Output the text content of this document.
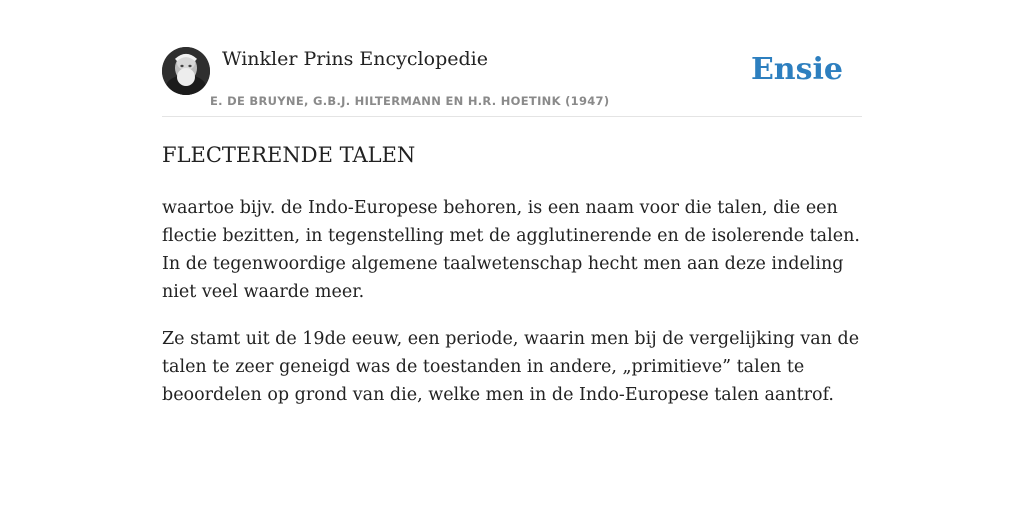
Winkler Prins Encyclopedie
E. DE BRUYNE, G.B.J. HILTERMANN EN H.R. HOETINK (1947)
Ensie
FLECTERENDE TALEN

waartoe bijv. de Indo-Europese behoren, is een naam voor die talen, die een flectie bezitten, in tegenstelling met de agglutinerende en de isolerende talen. In de tegenwoordige algemene taalwetenschap hecht men aan deze indeling niet veel waarde meer.

Ze stamt uit de 19de eeuw, een periode, waarin men bij de vergelijking van de talen te zeer geneigd was de toestanden in andere, „primitieve” talen te beoordelen op grond van die, welke men in de Indo-Europese talen aantrof.
